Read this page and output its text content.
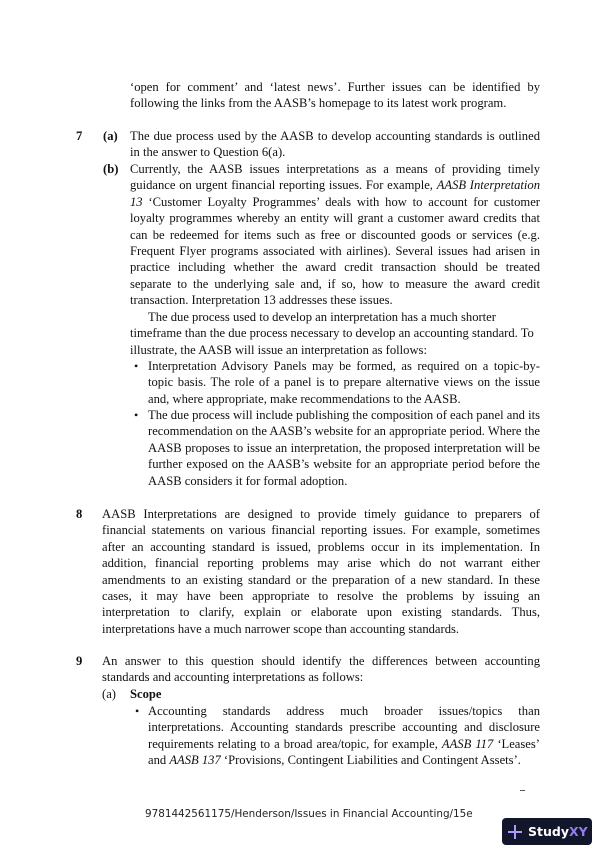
‘open for comment’ and ‘latest news’. Further issues can be identified by following the links from the AASB’s homepage to its latest work program.

7 (a) The due process used by the AASB to develop accounting standards is outlined in the answer to Question 6(a).

(b) Currently, the AASB issues interpretations as a means of providing timely guidance on urgent financial reporting issues. For example, AASB Interpretation 13 ‘Customer Loyalty Programmes’ deals with how to account for customer loyalty programmes whereby an entity will grant a customer award credits that can be redeemed for items such as free or discounted goods or services (e.g. Frequent Flyer programs associated with airlines). Several issues had arisen in practice including whether the award credit transaction should be treated separate to the underlying sale and, if so, how to measure the award credit transaction. Interpretation 13 addresses these issues.

The due process used to develop an interpretation has a much shorter timeframe than the due process necessary to develop an accounting standard. To illustrate, the AASB will issue an interpretation as follows:

• Interpretation Advisory Panels may be formed, as required on a topic-by-topic basis. The role of a panel is to prepare alternative views on the issue and, where appropriate, make recommendations to the AASB.

• The due process will include publishing the composition of each panel and its recommendation on the AASB’s website for an appropriate period. Where the AASB proposes to issue an interpretation, the proposed interpretation will be further exposed on the AASB’s website for an appropriate period before the AASB considers it for formal adoption.

8 AASB Interpretations are designed to provide timely guidance to preparers of financial statements on various financial reporting issues. For example, sometimes after an accounting standard is issued, problems occur in its implementation. In addition, financial reporting problems may arise which do not warrant either amendments to an existing standard or the preparation of a new standard. In these cases, it may have been appropriate to resolve the problems by issuing an interpretation to clarify, explain or elaborate upon existing standards. Thus, interpretations have a much narrower scope than accounting standards.

9 An answer to this question should identify the differences between accounting standards and accounting interpretations as follows:

(a) Scope
• Accounting standards address much broader issues/topics than interpretations. Accounting standards prescribe accounting and disclosure requirements relating to a broad area/topic, for example, AASB 117 ‘Leases’ and AASB 137 ‘Provisions, Contingent Liabilities and Contingent Assets’.

9781442561175/Henderson/Issues in Financial Accounting/15e
Study XY
